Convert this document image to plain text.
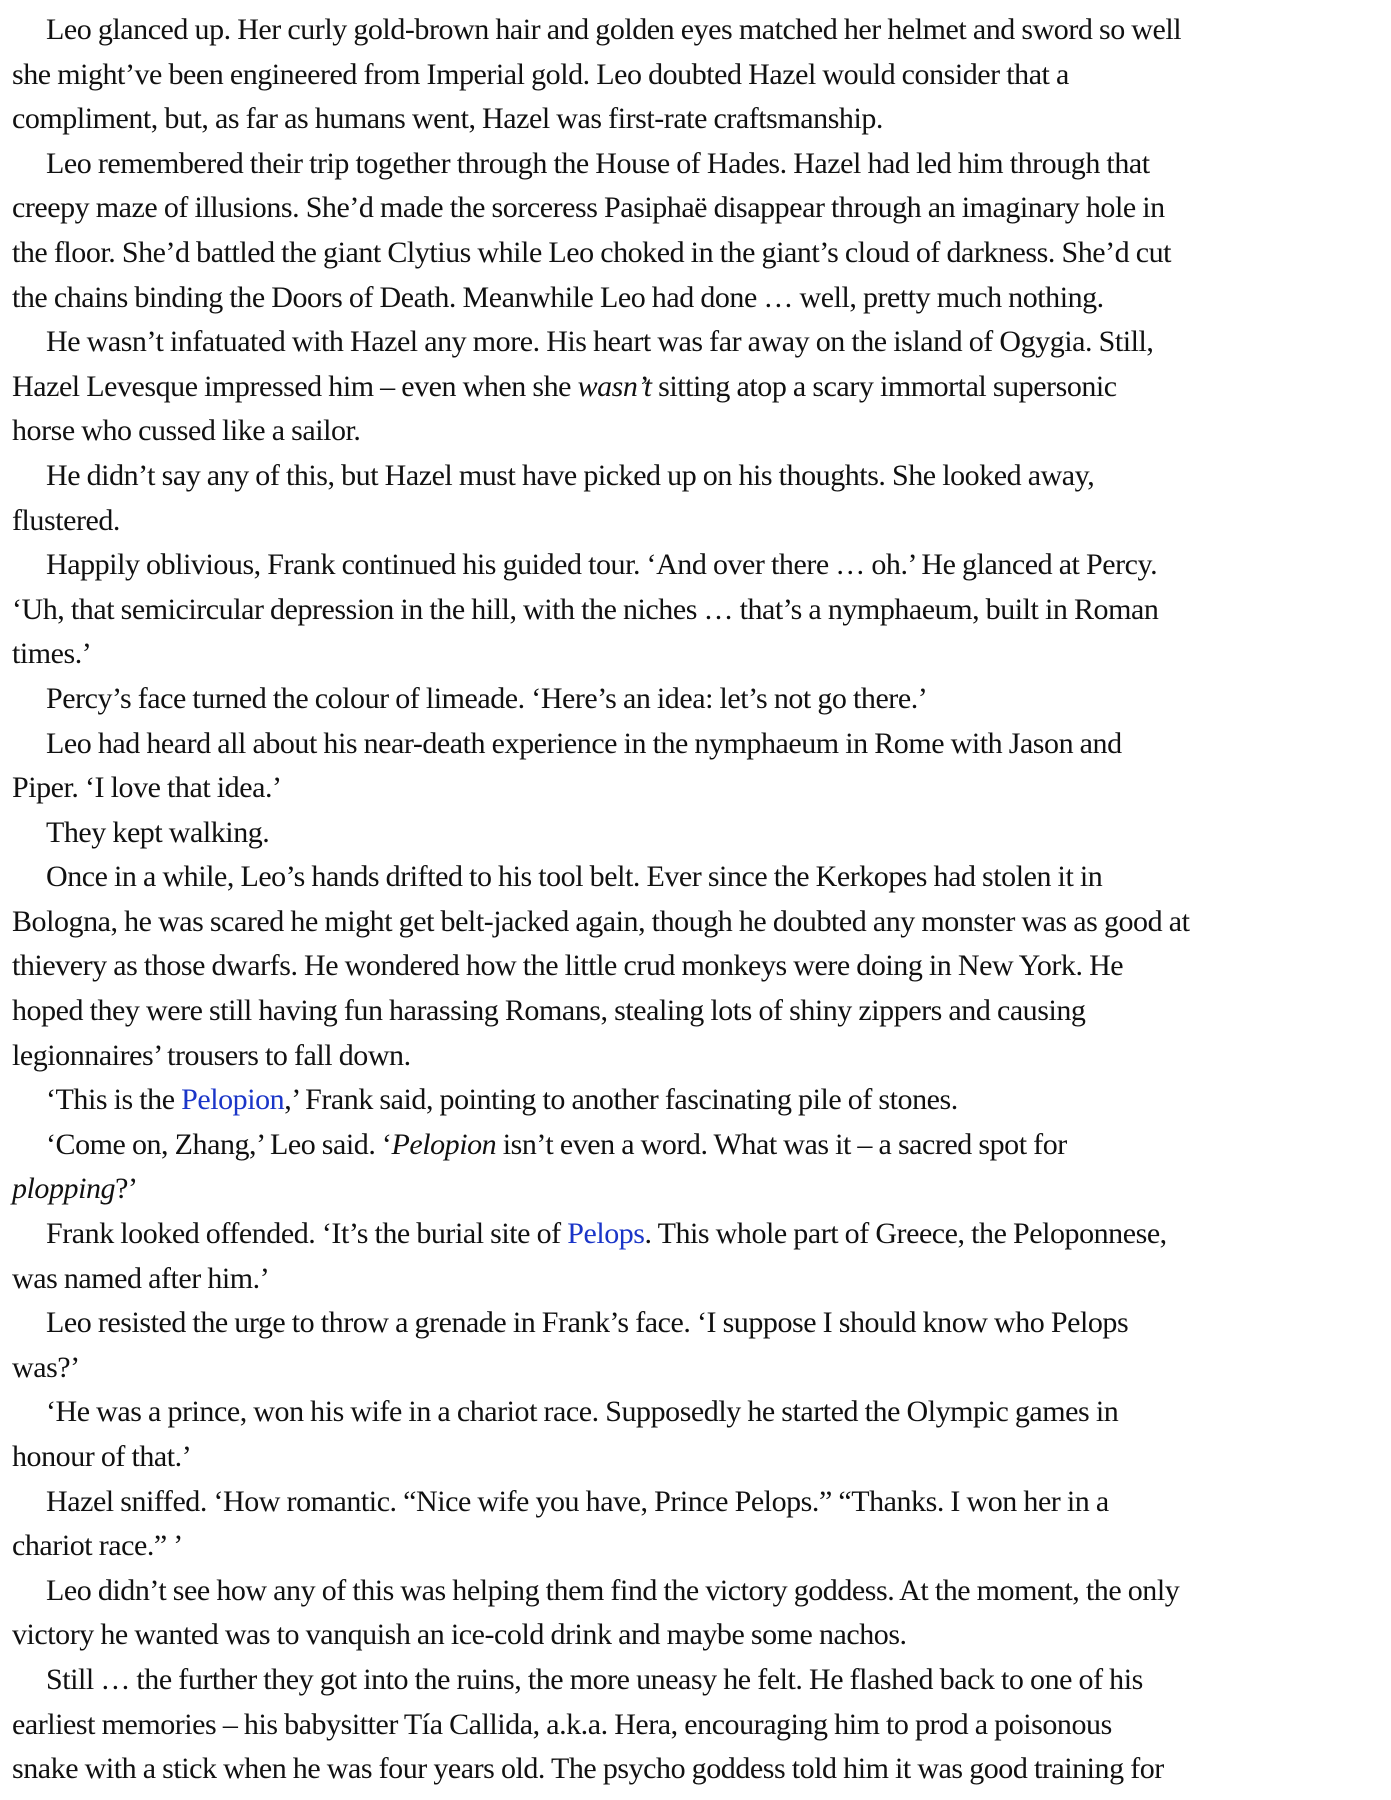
Leo glanced up. Her curly gold-brown hair and golden eyes matched her helmet and sword so well
she might’ve been engineered from Imperial gold. Leo doubted Hazel would consider that a
compliment, but, as far as humans went, Hazel was first-rate craftsmanship.
Leo remembered their trip together through the House of Hades. Hazel had led him through that
creepy maze of illusions. She’d made the sorceress Pasiphaë disappear through an imaginary hole in
the floor. She’d battled the giant Clytius while Leo choked in the giant’s cloud of darkness. She’d cut
the chains binding the Doors of Death. Meanwhile Leo had done … well, pretty much nothing.
He wasn’t infatuated with Hazel any more. His heart was far away on the island of Ogygia. Still,
Hazel Levesque impressed him – even when she wasn’t sitting atop a scary immortal supersonic
horse who cussed like a sailor.
He didn’t say any of this, but Hazel must have picked up on his thoughts. She looked away,
flustered.
Happily oblivious, Frank continued his guided tour. ‘And over there … oh.’ He glanced at Percy.
‘Uh, that semicircular depression in the hill, with the niches … that’s a nymphaeum, built in Roman
times.’
Percy’s face turned the colour of limeade. ‘Here’s an idea: let’s not go there.’
Leo had heard all about his near-death experience in the nymphaeum in Rome with Jason and
Piper. ‘I love that idea.’
They kept walking.
Once in a while, Leo’s hands drifted to his tool belt. Ever since the Kerkopes had stolen it in
Bologna, he was scared he might get belt-jacked again, though he doubted any monster was as good at
thievery as those dwarfs. He wondered how the little crud monkeys were doing in New York. He
hoped they were still having fun harassing Romans, stealing lots of shiny zippers and causing
legionnaires’ trousers to fall down.
‘This is the Pelopion,’ Frank said, pointing to another fascinating pile of stones.
‘Come on, Zhang,’ Leo said. ‘Pelopion isn’t even a word. What was it – a sacred spot for
plopping?’
Frank looked offended. ‘It’s the burial site of Pelops. This whole part of Greece, the Peloponnese,
was named after him.’
Leo resisted the urge to throw a grenade in Frank’s face. ‘I suppose I should know who Pelops
was?’
‘He was a prince, won his wife in a chariot race. Supposedly he started the Olympic games in
honour of that.’
Hazel sniffed. ‘How romantic. “Nice wife you have, Prince Pelops.” “Thanks. I won her in a
chariot race.” ’
Leo didn’t see how any of this was helping them find the victory goddess. At the moment, the only
victory he wanted was to vanquish an ice-cold drink and maybe some nachos.
Still … the further they got into the ruins, the more uneasy he felt. He flashed back to one of his
earliest memories – his babysitter Tía Callida, a.k.a. Hera, encouraging him to prod a poisonous
snake with a stick when he was four years old. The psycho goddess told him it was good training for
